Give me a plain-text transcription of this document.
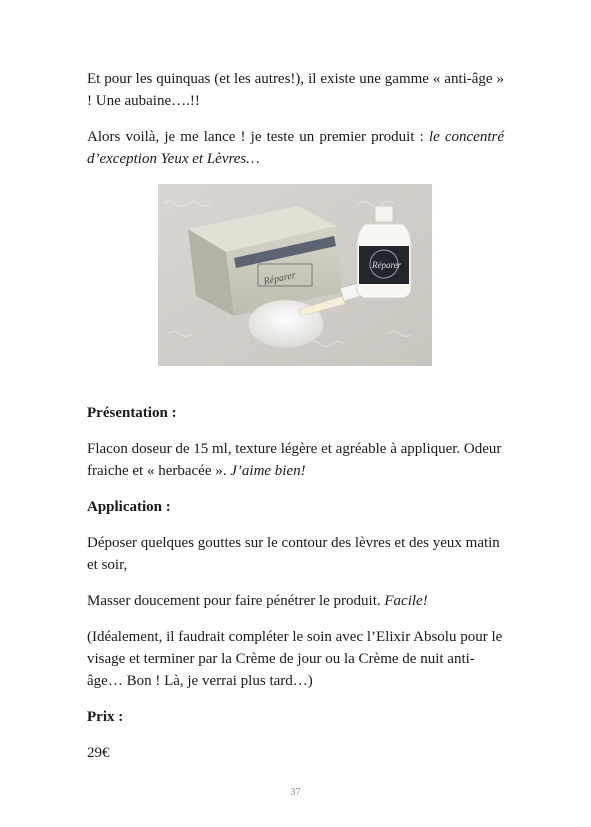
Et pour les quinquas (et les autres!), il existe une gamme « anti-âge » ! Une aubaine….!!

Alors voilà, je me lance ! je teste un premier produit : le concentré d’exception Yeux et Lèvres…

Réparer
Réparer

Présentation :

Flacon doseur de 15 ml, texture légère et agréable à appliquer. Odeur fraiche et « herbacée ». J’aime bien!

Application :

Déposer quelques gouttes sur le contour des lèvres et des yeux matin et soir,

Masser doucement pour faire pénétrer le produit. Facile!

(Idéalement, il faudrait compléter le soin avec l’Elixir Absolu pour le visage et terminer par la Crème de jour ou la Crème de nuit anti-âge… Bon ! Là, je verrai plus tard…)

Prix :

29€

37
